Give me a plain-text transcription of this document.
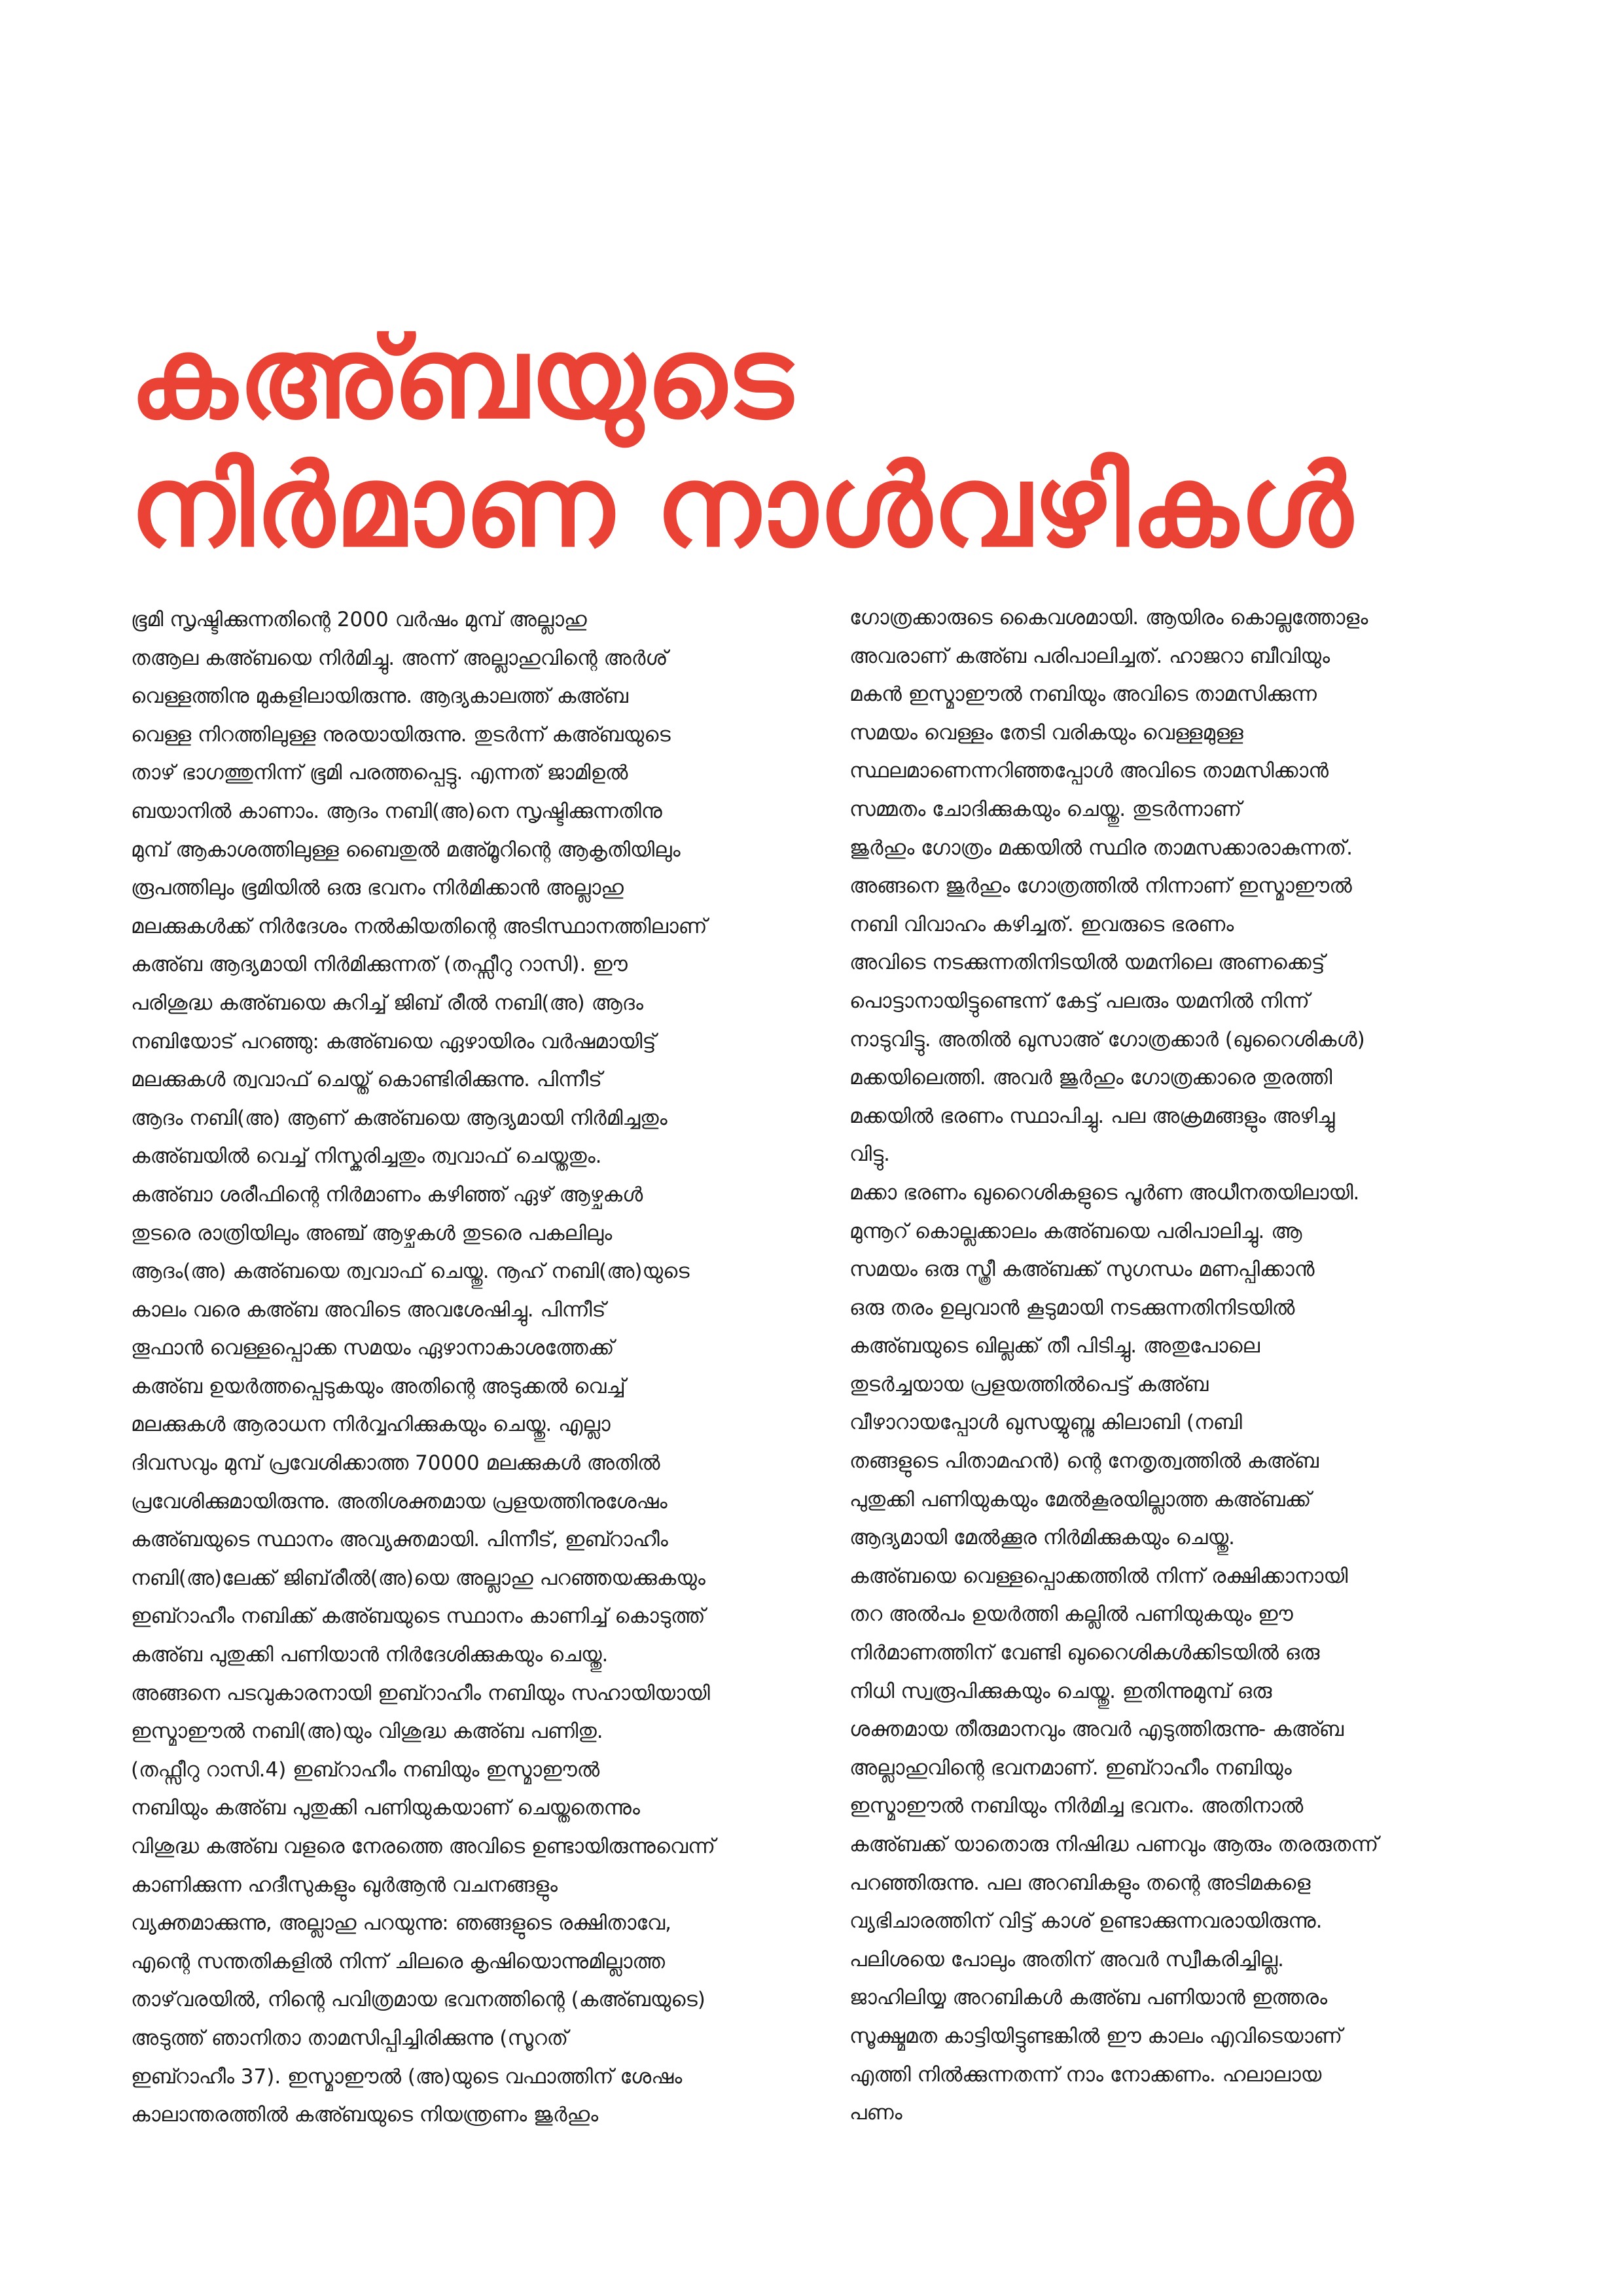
കഅ്ബയുടെ
നിർമാണ നാൾവഴികൾ
ഭൂമി സൃഷ്ടിക്കുന്നതിന്റെ 2000 വർഷം മുമ്പ് അല്ലാഹു
തആല കഅ്ബയെ നിർമിച്ചു. അന്ന് അല്ലാഹുവിന്റെ അർശ്
വെള്ളത്തിനു മുകളിലായിരുന്നു. ആദ്യകാലത്ത് കഅ്ബ
വെള്ള നിറത്തിലുള്ള നുരയായിരുന്നു. തുടർന്ന് കഅ്ബയുടെ
താഴ് ഭാഗത്തുനിന്ന് ഭൂമി പരത്തപ്പെട്ടു. എന്നത് ജാമിഉൽ
ബയാനിൽ കാണാം. ആദം നബി(അ)നെ സൃഷ്ടിക്കുന്നതിനു
മുമ്പ് ആകാശത്തിലുള്ള ബൈതുൽ മഅ്മൂറിന്റെ ആകൃതിയിലും
രൂപത്തിലും ഭൂമിയിൽ ഒരു ഭവനം നിർമിക്കാൻ അല്ലാഹു
മലക്കുകൾക്ക് നിർദേശം നൽകിയതിന്റെ അടിസ്ഥാനത്തിലാണ്
കഅ്ബ ആദ്യമായി നിർമിക്കുന്നത് (തഫ്സീറു റാസി). ഈ
പരിശുദ്ധ കഅ്ബയെ കുറിച്ച് ജിബ് രീൽ നബി(അ) ആദം
നബിയോട് പറഞ്ഞു: കഅ്ബയെ ഏഴായിരം വർഷമായിട്ട്
മലക്കുകൾ ത്വവാഫ് ചെയ്ത് കൊണ്ടിരിക്കുന്നു. പിന്നീട്
ആദം നബി(അ) ആണ് കഅ്ബയെ ആദ്യമായി നിർമിച്ചതും
കഅ്ബയിൽ വെച്ച് നിസ്കരിച്ചതും ത്വവാഫ് ചെയ്തതും.
കഅ്ബാ ശരീഫിന്റെ നിർമാണം കഴിഞ്ഞ് ഏഴ് ആഴ്ചകൾ
തുടരെ രാത്രിയിലും അഞ്ച് ആഴ്ചകൾ തുടരെ പകലിലും
ആദം(അ) കഅ്ബയെ ത്വവാഫ് ചെയ്തു. നൂഹ് നബി(അ)യുടെ
കാലം വരെ കഅ്ബ അവിടെ അവശേഷിച്ചു. പിന്നീട്
തൂഫാൻ വെള്ളപ്പൊക്ക സമയം ഏഴാനാകാശത്തേക്ക്
കഅ്ബ ഉയർത്തപ്പെടുകയും അതിന്റെ അടുക്കൽ വെച്ച്
മലക്കുകൾ ആരാധന നിർവ്വഹിക്കുകയും ചെയ്തു. എല്ലാ
ദിവസവും മുമ്പ് പ്രവേശിക്കാത്ത 70000 മലക്കുകൾ അതിൽ
പ്രവേശിക്കുമായിരുന്നു. അതിശക്തമായ പ്രളയത്തിനുശേഷം
കഅ്ബയുടെ സ്ഥാനം അവ്യക്തമായി. പിന്നീട്, ഇബ്റാഹീം
നബി(അ)ലേക്ക് ജിബ്‌രീൽ(അ)യെ അല്ലാഹു പറഞ്ഞയക്കുകയും
ഇബ്റാഹീം നബിക്ക് കഅ്ബയുടെ സ്ഥാനം കാണിച്ച് കൊടുത്ത്
കഅ്ബ പുതുക്കി പണിയാൻ നിർദേശിക്കുകയും ചെയ്തു.
അങ്ങനെ പടവുകാരനായി ഇബ്റാഹീം നബിയും സഹായിയായി
ഇസ്മാഈൽ നബി(അ)യും വിശുദ്ധ കഅ്ബ പണിതു.
(തഫ്സീറു റാസി.4) ഇബ്റാഹീം നബിയും ഇസ്മാഈൽ
നബിയും കഅ്ബ പുതുക്കി പണിയുകയാണ് ചെയ്തതെന്നും
വിശുദ്ധ കഅ്ബ വളരെ നേരത്തെ അവിടെ ഉണ്ടായിരുന്നുവെന്ന്
കാണിക്കുന്ന ഹദീസുകളും ഖുർആൻ വചനങ്ങളും
വ്യക്തമാക്കുന്നു, അല്ലാഹു പറയുന്നു: ഞങ്ങളുടെ രക്ഷിതാവേ,
എന്റെ സന്തതികളിൽ നിന്ന് ചിലരെ കൃഷിയൊന്നുമില്ലാത്ത
താഴ്‌വരയിൽ, നിന്റെ പവിത്രമായ ഭവനത്തിന്റെ (കഅ്ബയുടെ)
അടുത്ത് ഞാനിതാ താമസിപ്പിച്ചിരിക്കുന്നു (സൂറത്
ഇബ്റാഹീം 37). ഇസ്മാഈൽ (അ)യുടെ വഫാത്തിന് ശേഷം
കാലാന്തരത്തിൽ കഅ്ബയുടെ നിയന്ത്രണം ജുർഹും
ഗോത്രക്കാരുടെ കൈവശമായി. ആയിരം കൊല്ലത്തോളം
അവരാണ് കഅ്ബ പരിപാലിച്ചത്. ഹാജറാ ബീവിയും
മകൻ ഇസ്മാഈൽ നബിയും അവിടെ താമസിക്കുന്ന
സമയം വെള്ളം തേടി വരികയും വെള്ളമുള്ള
സ്ഥലമാണെന്നറിഞ്ഞപ്പോൾ അവിടെ താമസിക്കാൻ
സമ്മതം ചോദിക്കുകയും ചെയ്തു. തുടർന്നാണ്
ജുർഹും ഗോത്രം മക്കയിൽ സ്ഥിര താമസക്കാരാകുന്നത്.
അങ്ങനെ ജുർഹും ഗോത്രത്തിൽ നിന്നാണ് ഇസ്മാഈൽ
നബി വിവാഹം കഴിച്ചത്. ഇവരുടെ ഭരണം
അവിടെ നടക്കുന്നതിനിടയിൽ യമനിലെ അണക്കെട്ട്
പൊട്ടാനായിട്ടുണ്ടെന്ന് കേട്ട് പലരും യമനിൽ നിന്ന്
നാടുവിട്ടു. അതിൽ ഖുസാഅ് ഗോത്രക്കാർ (ഖുറൈശികൾ)
മക്കയിലെത്തി. അവർ ജുർഹും ഗോത്രക്കാരെ തുരത്തി
മക്കയിൽ ഭരണം സ്ഥാപിച്ചു. പല അക്രമങ്ങളും അഴിച്ചു
വിട്ടു.
മക്കാ ഭരണം ഖുറൈശികളുടെ പൂർണ അധീനതയിലായി.
മുന്നൂറ് കൊല്ലക്കാലം കഅ്ബയെ പരിപാലിച്ചു. ആ
സമയം ഒരു സ്ത്രീ കഅ്ബക്ക് സുഗന്ധം മണപ്പിക്കാൻ
ഒരു തരം ഉലുവാൻ കൂടുമായി നടക്കുന്നതിനിടയിൽ
കഅ്ബയുടെ ഖില്ലക്ക് തീ പിടിച്ചു. അതുപോലെ
തുടർച്ചയായ പ്രളയത്തിൽപെട്ട് കഅ്ബ
വീഴാറായപ്പോൾ ഖുസയ്യുബ്നു കിലാബി (നബി
തങ്ങളുടെ പിതാമഹൻ) ന്റെ നേതൃത്വത്തിൽ കഅ്ബ
പുതുക്കി പണിയുകയും മേൽകൂരയില്ലാത്ത കഅ്ബക്ക്
ആദ്യമായി മേൽക്കൂര നിർമിക്കുകയും ചെയ്തു.
കഅ്ബയെ വെള്ളപ്പൊക്കത്തിൽ നിന്ന് രക്ഷിക്കാനായി
തറ അൽപം ഉയർത്തി കല്ലിൽ പണിയുകയും ഈ
നിർമാണത്തിന് വേണ്ടി ഖുറൈശികൾക്കിടയിൽ ഒരു
നിധി സ്വരൂപിക്കുകയും ചെയ്തു. ഇതിന്നുമുമ്പ് ഒരു
ശക്തമായ തീരുമാനവും അവർ എടുത്തിരുന്നു- കഅ്ബ
അല്ലാഹുവിന്റെ ഭവനമാണ്. ഇബ്റാഹീം നബിയും
ഇസ്മാഈൽ നബിയും നിർമിച്ച ഭവനം. അതിനാൽ
കഅ്ബക്ക് യാതൊരു നിഷിദ്ധ പണവും ആരും തരരുതന്ന്
പറഞ്ഞിരുന്നു. പല അറബികളും തന്റെ അടിമകളെ
വ്യഭിചാരത്തിന് വിട്ട് കാശ് ഉണ്ടാക്കുന്നവരായിരുന്നു.
പലിശയെ പോലും അതിന് അവർ സ്വീകരിച്ചില്ല.
ജാഹിലിയ്യ അറബികൾ കഅ്ബ പണിയാൻ ഇത്തരം
സൂക്ഷ്മമത കാട്ടിയിട്ടുണ്ടങ്കിൽ ഈ കാലം എവിടെയാണ്
എത്തി നിൽക്കുന്നതന്ന് നാം നോക്കണം. ഹലാലായ
പണം
